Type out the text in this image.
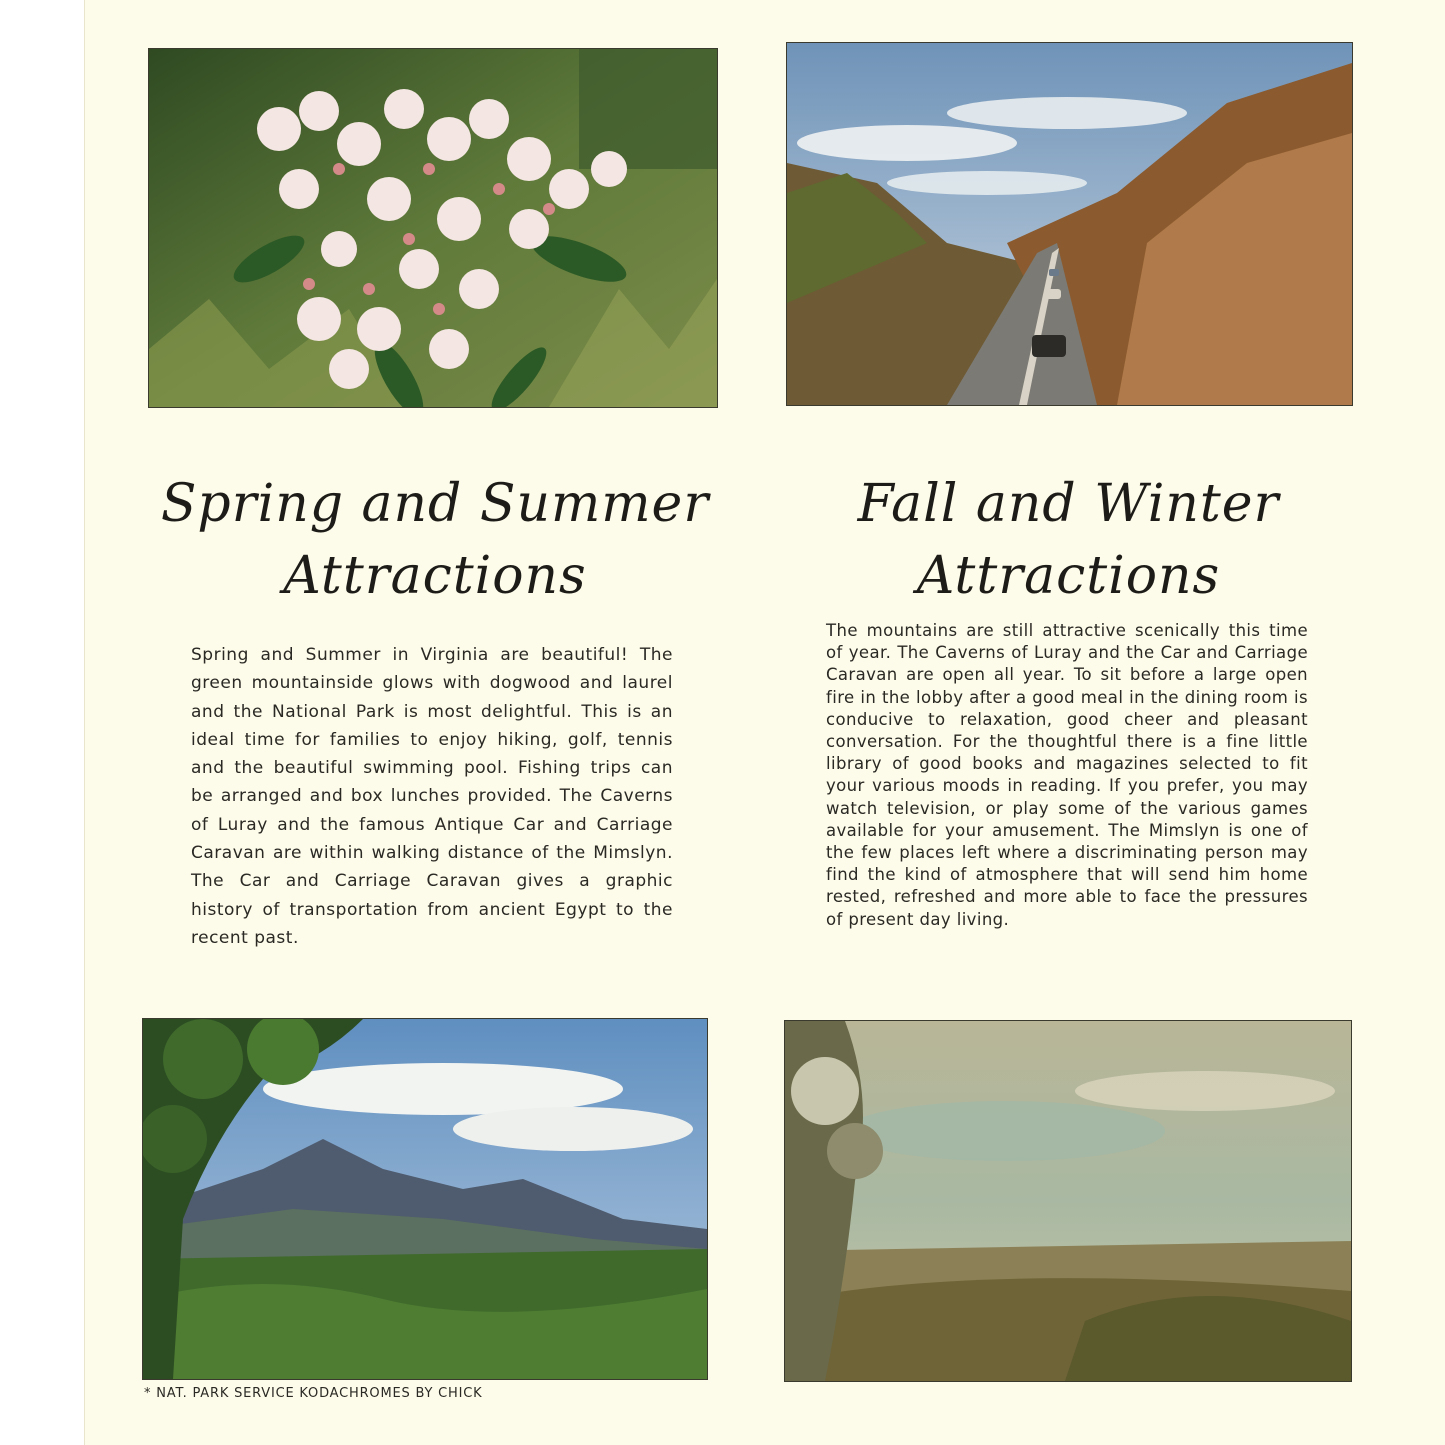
Spring and Summer
Attractions
Fall and Winter
Attractions

Spring and Summer in Virginia are beautiful! The green mountainside glows with dogwood and laurel and the National Park is most delightful. This is an ideal time for families to enjoy hiking, golf, tennis and the beautiful swimming pool. Fishing trips can be arranged and box lunches provided. The Caverns of Luray and the famous Antique Car and Carriage Caravan are within walking distance of the Mimslyn. The Car and Carriage Caravan gives a graphic history of transportation from ancient Egypt to the recent past.

The mountains are still attractive scenically this time of year. The Caverns of Luray and the Car and Carriage Caravan are open all year. To sit before a large open fire in the lobby after a good meal in the dining room is conducive to relaxation, good cheer and pleasant conversation. For the thoughtful there is a fine little library of good books and magazines selected to fit your various moods in reading. If you prefer, you may watch television, or play some of the various games available for your amusement. The Mimslyn is one of the few places left where a discriminating person may find the kind of atmosphere that will send him home rested, refreshed and more able to face the pressures of present day living.

* NAT. PARK SERVICE KODACHROMES BY CHICK
